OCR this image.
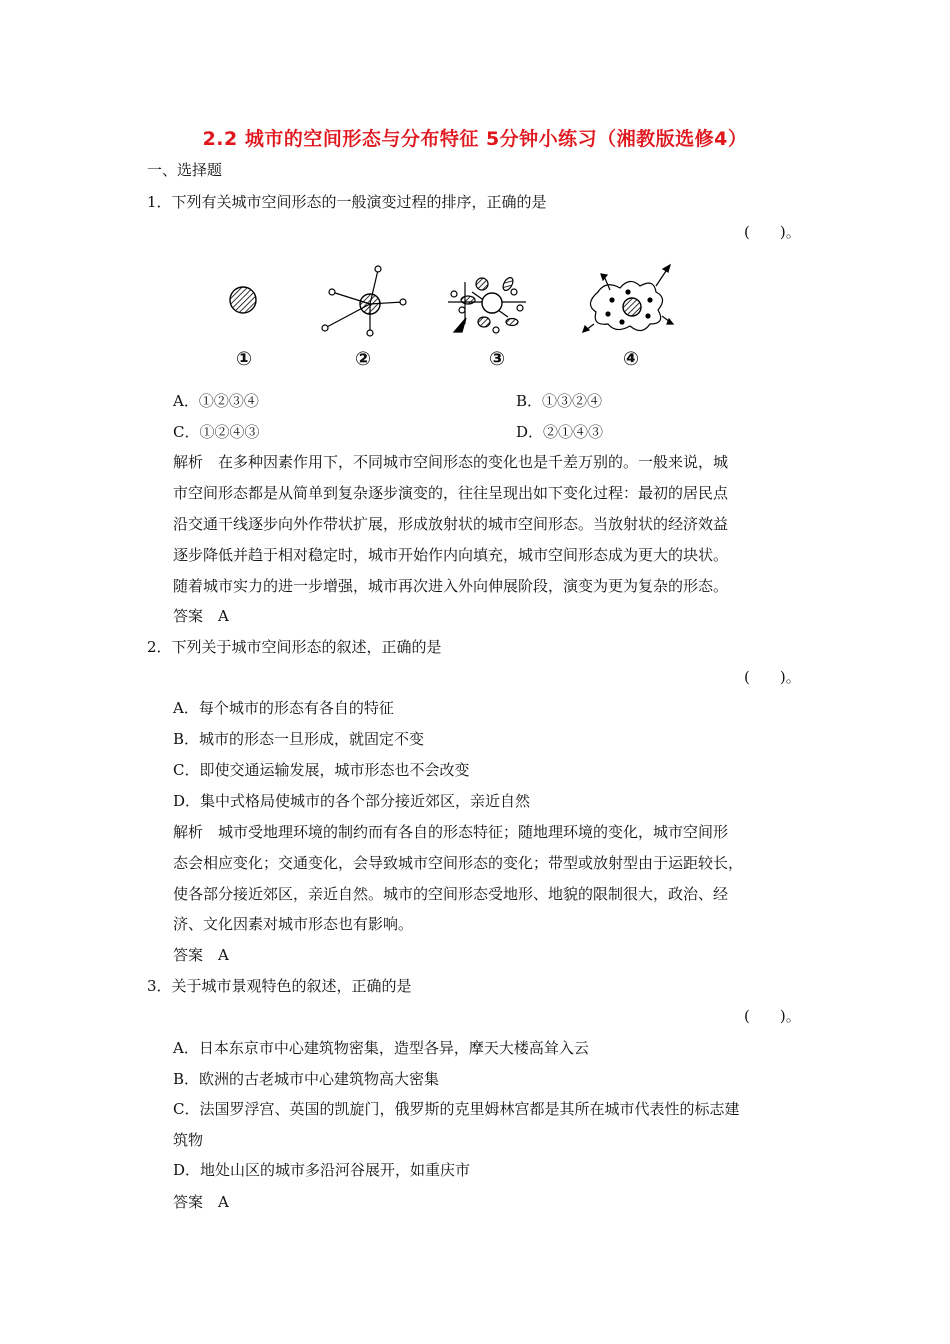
2.2 城市的空间形态与分布特征 5分钟小练习（湘教版选修4）
一、选择题
1．下列有关城市空间形态的一般演变过程的排序，正确的是
(　　)。
①	②	③	④
A．①②③④	B．①③②④
C．①②④③	D．②①④③
解析　在多种因素作用下，不同城市空间形态的变化也是千差万别的。一般来说，城
市空间形态都是从简单到复杂逐步演变的，往往呈现出如下变化过程：最初的居民点
沿交通干线逐步向外作带状扩展，形成放射状的城市空间形态。当放射状的经济效益
逐步降低并趋于相对稳定时，城市开始作内向填充，城市空间形态成为更大的块状。
随着城市实力的进一步增强，城市再次进入外向伸展阶段，演变为更为复杂的形态。
答案　A
2．下列关于城市空间形态的叙述，正确的是
(　　)。
A．每个城市的形态有各自的特征
B．城市的形态一旦形成，就固定不变
C．即使交通运输发展，城市形态也不会改变
D．集中式格局使城市的各个部分接近郊区，亲近自然
解析　城市受地理环境的制约而有各自的形态特征；随地理环境的变化，城市空间形
态会相应变化；交通变化，会导致城市空间形态的变化；带型或放射型由于运距较长，
使各部分接近郊区，亲近自然。城市的空间形态受地形、地貌的限制很大，政治、经
济、文化因素对城市形态也有影响。
答案　A
3．关于城市景观特色的叙述，正确的是
(　　)。
A．日本东京市中心建筑物密集，造型各异，摩天大楼高耸入云
B．欧洲的古老城市中心建筑物高大密集
C．法国罗浮宫、英国的凯旋门，俄罗斯的克里姆林宫都是其所在城市代表性的标志建
筑物
D．地处山区的城市多沿河谷展开，如重庆市
答案　A
